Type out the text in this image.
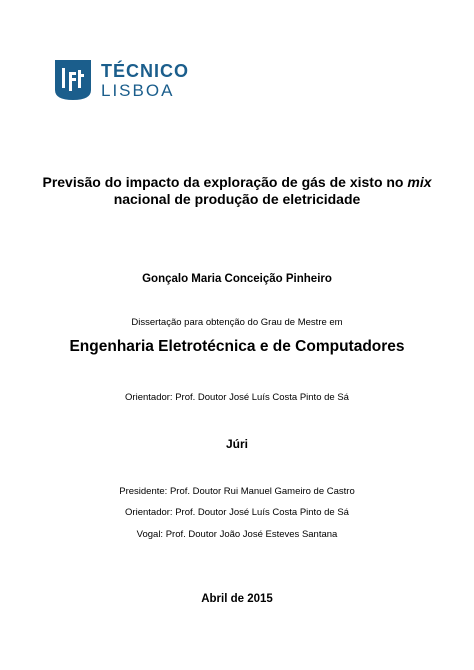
TÉCNICO
LISBOA
Previsão do impacto da exploração de gás de xisto no mix
nacional de produção de eletricidade
Gonçalo Maria Conceição Pinheiro
Dissertação para obtenção do Grau de Mestre em
Engenharia Eletrotécnica e de Computadores
Orientador: Prof. Doutor José Luís Costa Pinto de Sá
Júri
Presidente: Prof. Doutor Rui Manuel Gameiro de Castro
Orientador: Prof. Doutor José Luís Costa Pinto de Sá
Vogal: Prof. Doutor João José Esteves Santana
Abril de 2015
